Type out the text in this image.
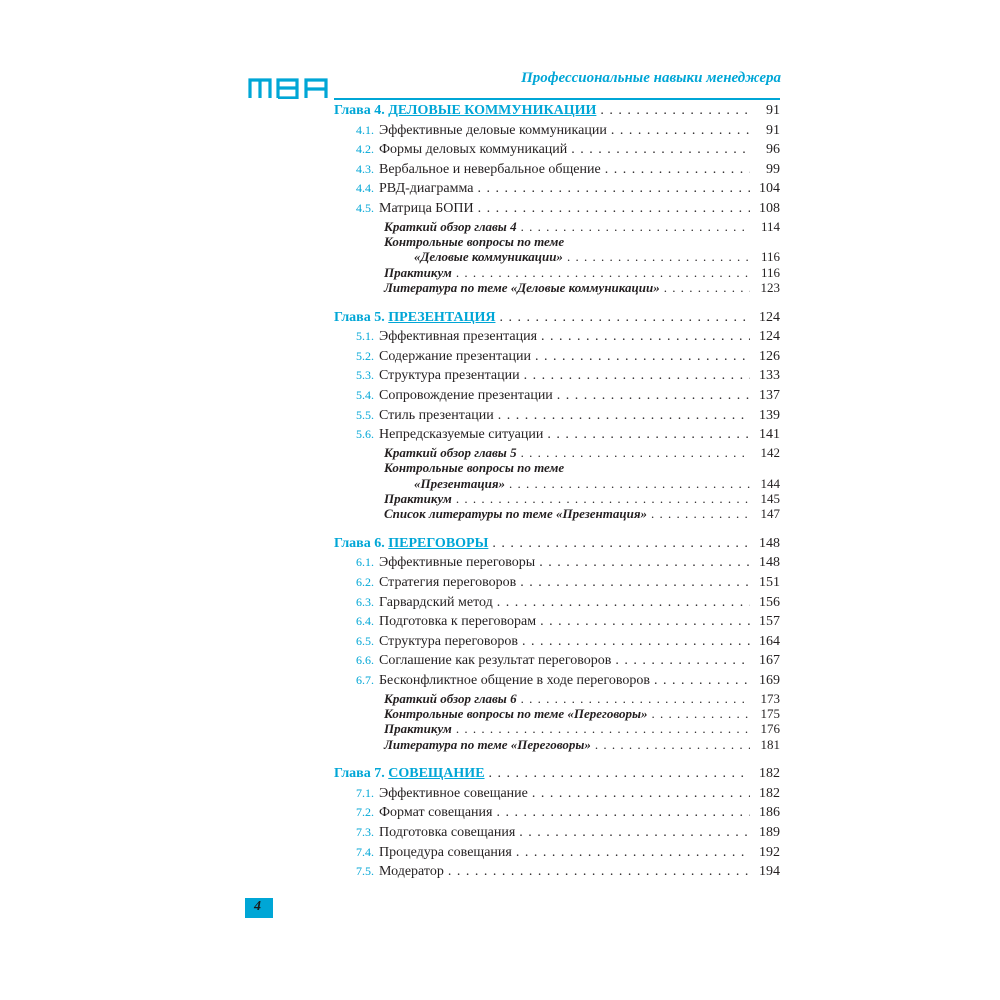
Профессиональные навыки менеджера
Глава 4. ДЕЛОВЫЕ КОММУНИКАЦИИ . . .	91
4.1. Эффективные деловые коммуникации . . .	91
4.2. Формы деловых коммуникаций . . .	96
4.3. Вербальное и невербальное общение . . .	99
4.4. РВД-диаграмма . . .	104
4.5. Матрица БОПИ . . .	108
Краткий обзор главы 4 . . .	114
Контрольные вопросы по теме
«Деловые коммуникации» . . .	116
Практикум . . .	116
Литература по теме «Деловые коммуникации» . . .	123
Глава 5. ПРЕЗЕНТАЦИЯ . . .	124
5.1. Эффективная презентация . . .	124
5.2. Содержание презентации . . .	126
5.3. Структура презентации . . .	133
5.4. Сопровождение презентации . . .	137
5.5. Стиль презентации . . .	139
5.6. Непредсказуемые ситуации . . .	141
Краткий обзор главы 5 . . .	142
Контрольные вопросы по теме
«Презентация» . . .	144
Практикум . . .	145
Список литературы по теме «Презентация» . . .	147
Глава 6. ПЕРЕГОВОРЫ . . .	148
6.1. Эффективные переговоры . . .	148
6.2. Стратегия переговоров . . .	151
6.3. Гарвардский метод . . .	156
6.4. Подготовка к переговорам . . .	157
6.5. Структура переговоров . . .	164
6.6. Соглашение как результат переговоров . . .	167
6.7. Бесконфликтное общение в ходе переговоров . . .	169
Краткий обзор главы 6 . . .	173
Контрольные вопросы по теме «Переговоры» . . .	175
Практикум . . .	176
Литература по теме «Переговоры» . . .	181
Глава 7. СОВЕЩАНИЕ . . .	182
7.1. Эффективное совещание . . .	182
7.2. Формат совещания . . .	186
7.3. Подготовка совещания . . .	189
7.4. Процедура совещания . . .	192
7.5. Модератор . . .	194
4
